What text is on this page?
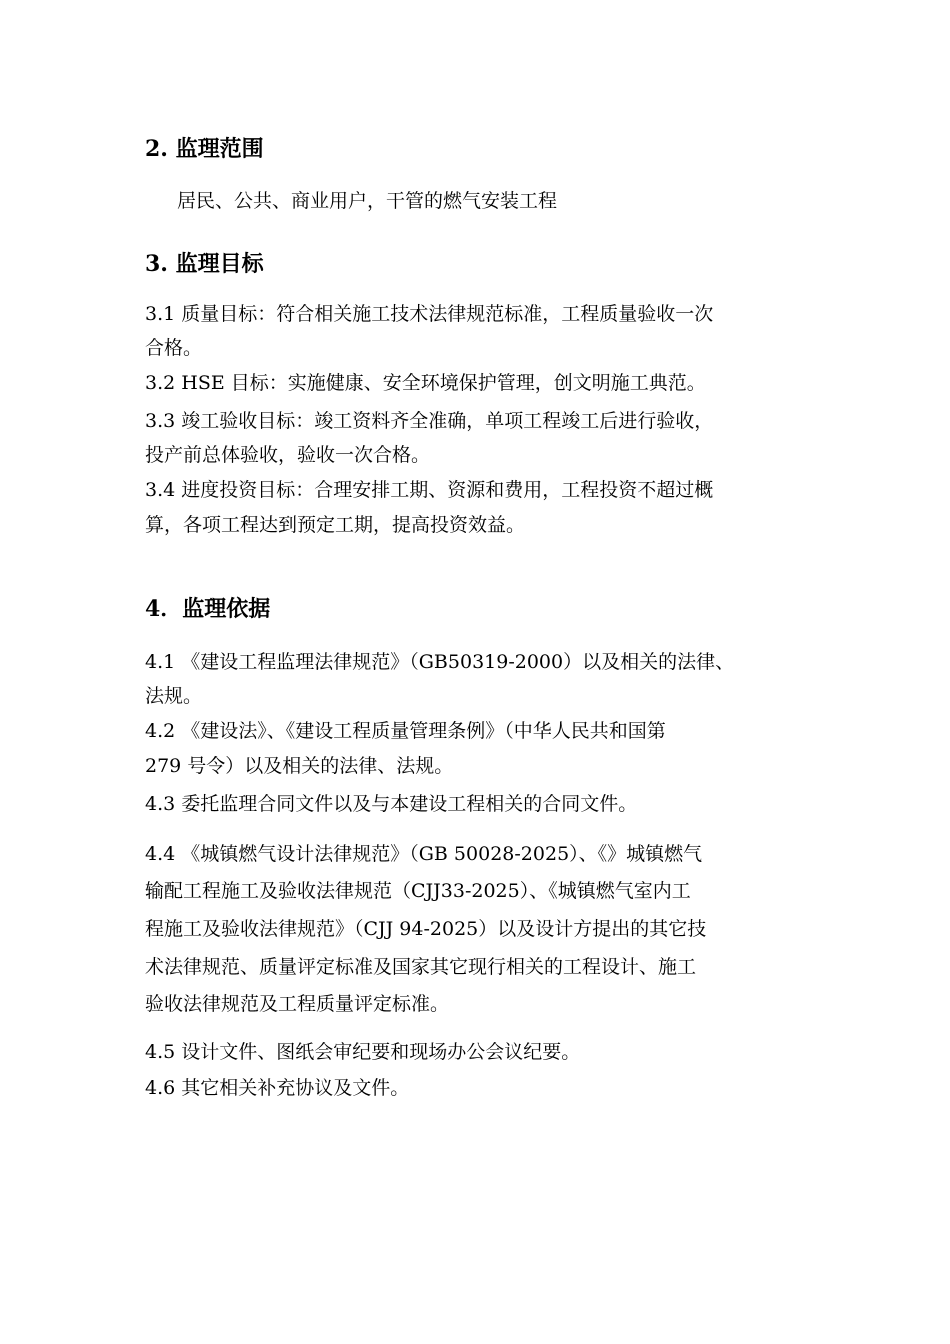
2. 监理范围

居民、公共、商业用户，干管的燃气安装工程

3. 监理目标

3.1 质量目标：符合相关施工技术法律规范标准，工程质量验收一次

合格。

3.2 HSE 目标：实施健康、安全环境保护管理，创文明施工典范。

3.3 竣工验收目标：竣工资料齐全准确，单项工程竣工后进行验收，

投产前总体验收，验收一次合格。

3.4 进度投资目标：合理安排工期、资源和费用，工程投资不超过概

算，各项工程达到预定工期，提高投资效益。

4．监理依据

4.1 《建设工程监理法律规范》（GB50319-2000）以及相关的法律、

法规。

4.2 《建设法》、《建设工程质量管理条例》（中华人民共和国第

279 号令）以及相关的法律、法规。

4.3 委托监理合同文件以及与本建设工程相关的合同文件。

4.4 《城镇燃气设计法律规范》（GB 50028-2025）、《》城镇燃气

输配工程施工及验收法律规范（CJJ33-2025）、《城镇燃气室内工

程施工及验收法律规范》（CJJ 94-2025）以及设计方提出的其它技

术法律规范、质量评定标准及国家其它现行相关的工程设计、施工

验收法律规范及工程质量评定标准。

4.5 设计文件、图纸会审纪要和现场办公会议纪要。

4.6 其它相关补充协议及文件。
